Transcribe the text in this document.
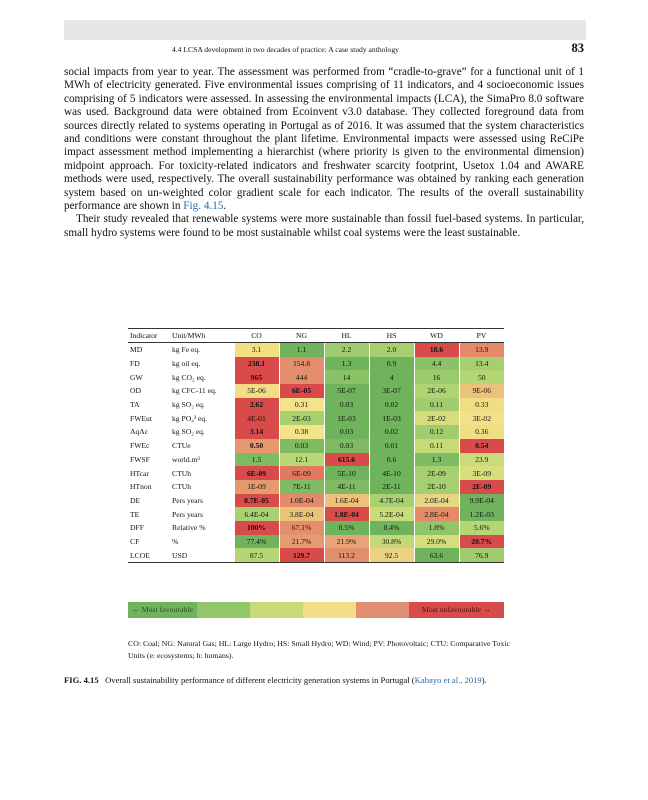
4.4 LCSA development in two decades of practice: A case study anthology	83

social impacts from year to year. The assessment was performed from “cradle-to-grave” for a functional unit of 1 MWh of electricity generated. Five environmental issues comprising of 11 indicators, and 4 socioeconomic issues comprising of 5 indicators were assessed. In assessing the environmental impacts (LCA), the SimaPro 8.0 software was used. Background data were obtained from Ecoinvent v3.0 database. They collected foreground data from sources directly related to systems operating in Portugal as of 2016. It was assumed that the system characteristics and conditions were constant throughout the plant lifetime. Environmental impacts were assessed using ReCiPe impact assessment method implementing a hierarchist (where priority is given to the environmental dimension) midpoint approach. For toxicity-related indicators and freshwater scarcity footprint, Usetox 1.04 and AWARE methods were used, respectively. The overall sustainability performance was obtained by ranking each generation system based on un-weighted color gradient scale for each indicator. The results of the overall sustainability performance are shown in Fig. 4.15.

Their study revealed that renewable systems were more sustainable than fossil fuel-based systems. In particular, small hydro systems were found to be most sustainable whilst coal systems were the least sustainable.

Indicator	Unit/MWh	CO	NG	HL	HS	WD	PV
MD	kg Fe eq.	3.1	1.1	2.2	2.0	18.6	13.9
FD	kg oil eq.	238.1	154.8	1.3	0.9	4.4	13.4
GW	kg CO₂ eq.	965	444	14	4	16	50
OD	kg CFC-11 eq.	5E-06	6E-05	5E-07	3E-07	2E-06	9E-06
TA	kg SO₂ eq.	2.62	0.31	0.03	0.02	0.11	0.33
FWEut	kg PO₄³ eq.	4E-01	2E-03	1E-03	1E-03	2E-02	3E-02
AqAc	kg SO₂ eq.	3.14	0.38	0.03	0.02	0.12	0.36
FWEc	CTUe	0.50	0.03	0.03	0.01	0.11	0.54
FWSF	world.m³	1.5	12.1	615.6	0.6	1.3	23.9
HTcar	CTUh	6E-09	6E-09	5E-10	4E-10	2E-09	3E-09
HTnon	CTUh	1E-09	7E-11	4E-11	2E-11	2E-10	2E-09
DE	Pers years	8.7E-05	1.0E-04	1.6E-04	4.7E-04	2.0E-04	9.9E-04
TE	Pers years	6.4E-04	3.8E-04	1.8E-04	5.2E-04	2.8E-04	1.2E-03
DFF	Relative %	100%	67.1%	0.5%	0.4%	1.8%	5.6%
CF	%	77.4%	21.7%	21.9%	30.8%	29.0%	20.7%
LCOE	USD	87.5	129.7	113.2	92.5	63.6	76.9
← Most favourable	Most unfavourable →
CO: Coal; NG: Natural Gas; HL: Large Hydro; HS: Small Hydro; WD: Wind; PV: Photovoltaic; CTU: Comparative Toxic Units (e: ecosystems; h: humans).
FIG. 4.15 Overall sustainability performance of different electricity generation systems in Portugal (Kabayo et al., 2019).
